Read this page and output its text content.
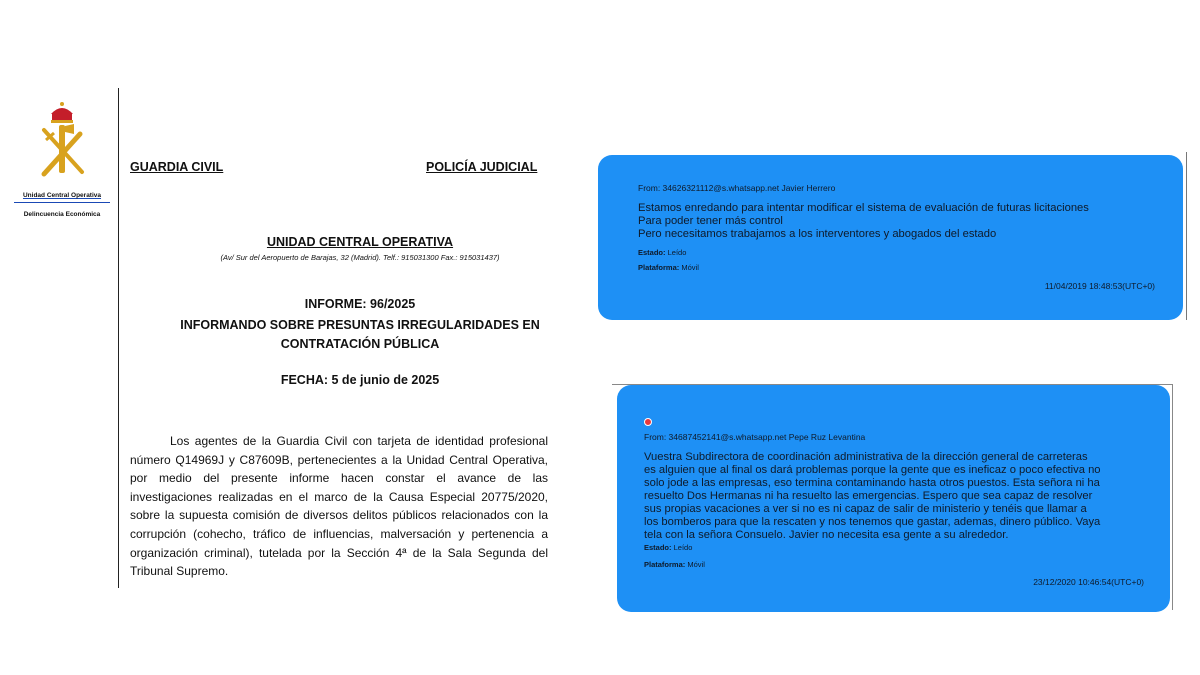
Unidad Central Operativa
Delincuencia Económica
GUARDIA CIVIL	POLICÍA JUDICIAL
UNIDAD CENTRAL OPERATIVA
(Av/ Sur del Aeropuerto de Barajas, 32 (Madrid). Telf.: 915031300 Fax.: 915031437)
INFORME: 96/2025
INFORMANDO SOBRE PRESUNTAS IRREGULARIDADES EN
CONTRATACIÓN PÚBLICA
FECHA: 5 de junio de 2025
Los agentes de la Guardia Civil con tarjeta de identidad profesional número Q14969J y C87609B, pertenecientes a la Unidad Central Operativa, por medio del presente informe hacen constar el avance de las investigaciones realizadas en el marco de la Causa Especial 20775/2020, sobre la supuesta comisión de diversos delitos públicos relacionados con la corrupción (cohecho, tráfico de influencias, malversación y pertenencia a organización criminal), tutelada por la Sección 4ª de la Sala Segunda del Tribunal Supremo.
From: 34626321112@s.whatsapp.net Javier Herrero
Estamos enredando para intentar modificar el sistema de evaluación de futuras licitaciones
Para poder tener más control
Pero necesitamos trabajamos a los interventores y abogados del estado
Estado: Leído
Plataforma: Móvil
11/04/2019 18:48:53(UTC+0)
From: 34687452141@s.whatsapp.net Pepe Ruz Levantina
Vuestra Subdirectora de coordinación administrativa de la dirección general de carreteras
es alguien que al final os dará problemas porque la gente que es ineficaz o poco efectiva no
solo jode a las empresas, eso termina contaminando hasta otros puestos. Esta señora ni ha
resuelto Dos Hermanas ni ha resuelto las emergencias. Espero que sea capaz de resolver
sus propias vacaciones a ver si no es ni capaz de salir de ministerio y tenéis que llamar a
los bomberos para que la rescaten y nos tenemos que gastar, ademas, dinero público. Vaya
tela con la señora Consuelo. Javier no necesita esa gente a su alrededor.
Estado: Leído
Plataforma: Móvil
23/12/2020 10:46:54(UTC+0)
